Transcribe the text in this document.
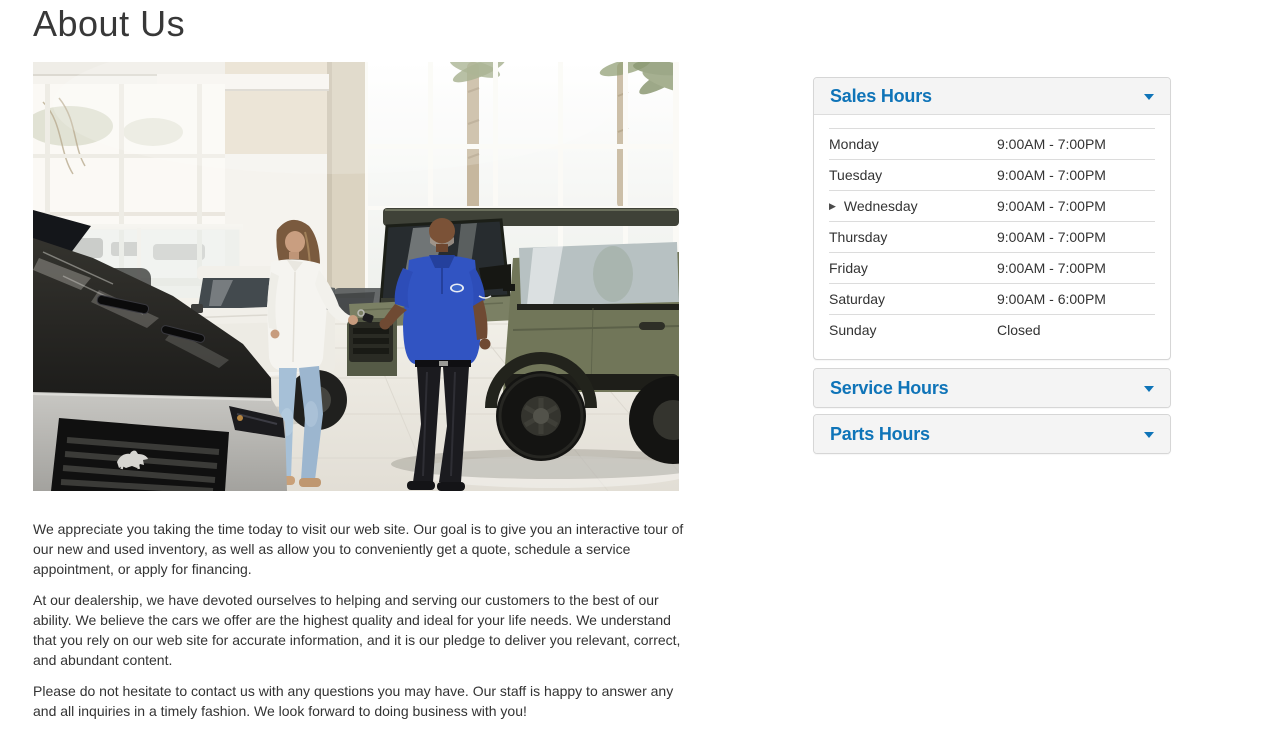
About Us

We appreciate you taking the time today to visit our web site. Our goal is to give you an interactive tour of our new and used inventory, as well as allow you to conveniently get a quote, schedule a service appointment, or apply for financing.

At our dealership, we have devoted ourselves to helping and serving our customers to the best of our ability. We believe the cars we offer are the highest quality and ideal for your life needs. We understand that you rely on our web site for accurate information, and it is our pledge to deliver you relevant, correct, and abundant content.

Please do not hesitate to contact us with any questions you may have. Our staff is happy to answer any and all inquiries in a timely fashion. We look forward to doing business with you!

Sales Hours
Monday	9:00AM - 7:00PM
Tuesday	9:00AM - 7:00PM
▶ Wednesday	9:00AM - 7:00PM
Thursday	9:00AM - 7:00PM
Friday	9:00AM - 7:00PM
Saturday	9:00AM - 6:00PM
Sunday	Closed
Service Hours
Parts Hours
